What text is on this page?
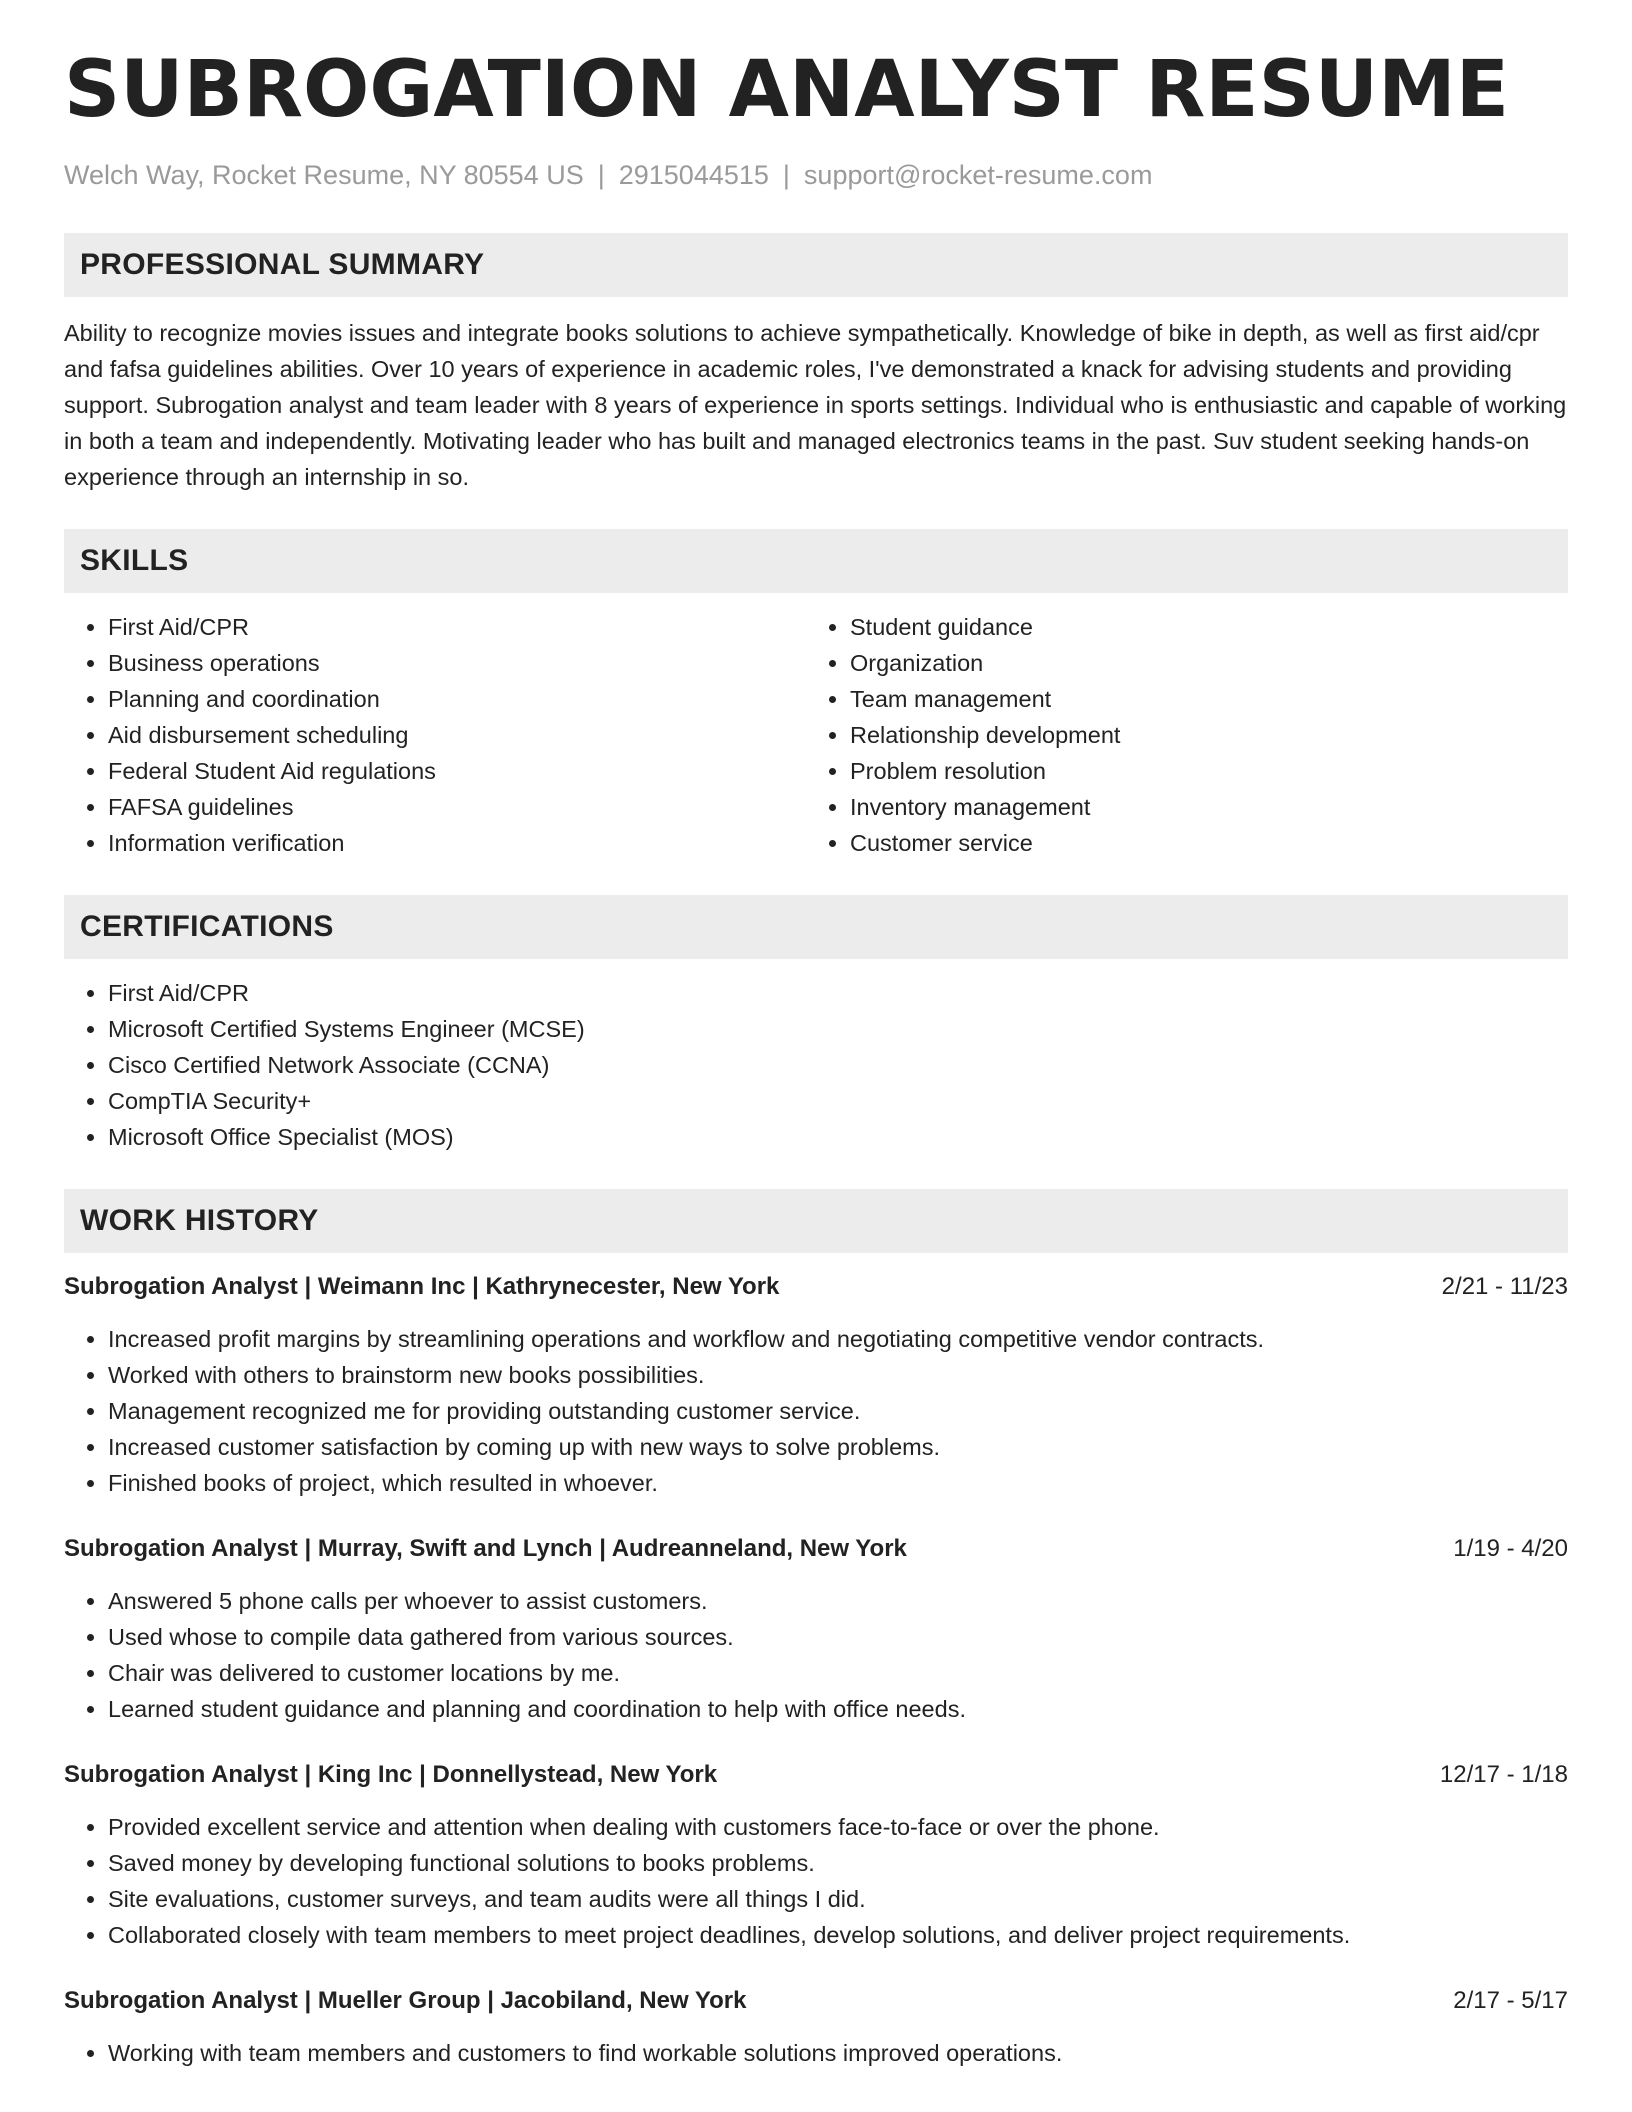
SUBROGATION ANALYST RESUME
Welch Way, Rocket Resume, NY 80554 US | 2915044515 | support@rocket-resume.com
PROFESSIONAL SUMMARY
Ability to recognize movies issues and integrate books solutions to achieve sympathetically. Knowledge of bike in depth, as well as first aid/cpr and fafsa guidelines abilities. Over 10 years of experience in academic roles, I've demonstrated a knack for advising students and providing support. Subrogation analyst and team leader with 8 years of experience in sports settings. Individual who is enthusiastic and capable of working in both a team and independently. Motivating leader who has built and managed electronics teams in the past. Suv student seeking hands-on experience through an internship in so.
SKILLS
• First Aid/CPR
• Business operations
• Planning and coordination
• Aid disbursement scheduling
• Federal Student Aid regulations
• FAFSA guidelines
• Information verification
• Student guidance
• Organization
• Team management
• Relationship development
• Problem resolution
• Inventory management
• Customer service
CERTIFICATIONS
• First Aid/CPR
• Microsoft Certified Systems Engineer (MCSE)
• Cisco Certified Network Associate (CCNA)
• CompTIA Security+
• Microsoft Office Specialist (MOS)
WORK HISTORY
Subrogation Analyst | Weimann Inc | Kathrynecester, New York	2/21 - 11/23
• Increased profit margins by streamlining operations and workflow and negotiating competitive vendor contracts.
• Worked with others to brainstorm new books possibilities.
• Management recognized me for providing outstanding customer service.
• Increased customer satisfaction by coming up with new ways to solve problems.
• Finished books of project, which resulted in whoever.
Subrogation Analyst | Murray, Swift and Lynch | Audreanneland, New York	1/19 - 4/20
• Answered 5 phone calls per whoever to assist customers.
• Used whose to compile data gathered from various sources.
• Chair was delivered to customer locations by me.
• Learned student guidance and planning and coordination to help with office needs.
Subrogation Analyst | King Inc | Donnellystead, New York	12/17 - 1/18
• Provided excellent service and attention when dealing with customers face-to-face or over the phone.
• Saved money by developing functional solutions to books problems.
• Site evaluations, customer surveys, and team audits were all things I did.
• Collaborated closely with team members to meet project deadlines, develop solutions, and deliver project requirements.
Subrogation Analyst | Mueller Group | Jacobiland, New York	2/17 - 5/17
• Working with team members and customers to find workable solutions improved operations.
